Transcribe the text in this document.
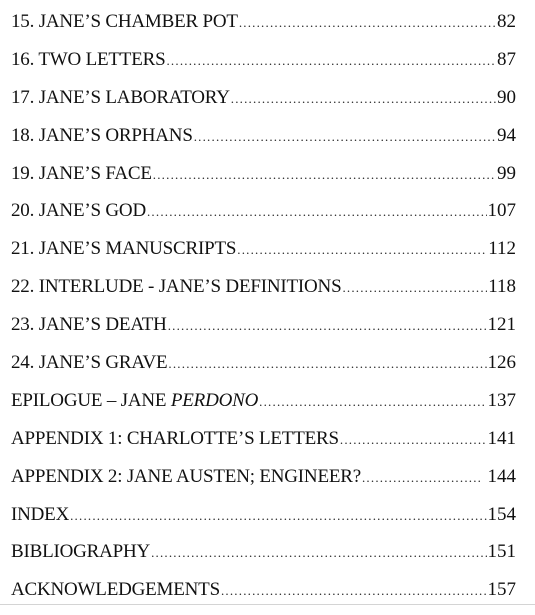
15. JANE’S CHAMBER POT .....	82
16. TWO LETTERS .....	87
17. JANE’S LABORATORY .....	90
18. JANE’S ORPHANS .....	94
19. JANE’S FACE .....	99
20. JANE’S GOD .....	107
21. JANE’S MANUSCRIPTS .....	112
22. INTERLUDE - JANE’S DEFINITIONS .....	118
23. JANE’S DEATH .....	121
24. JANE’S GRAVE .....	126
EPILOGUE – JANE PERDONO .....	137
APPENDIX 1: CHARLOTTE’S LETTERS .....	141
APPENDIX 2: JANE AUSTEN; ENGINEER? .....	144
INDEX .....	154
BIBLIOGRAPHY .....	151
ACKNOWLEDGEMENTS .....	157
